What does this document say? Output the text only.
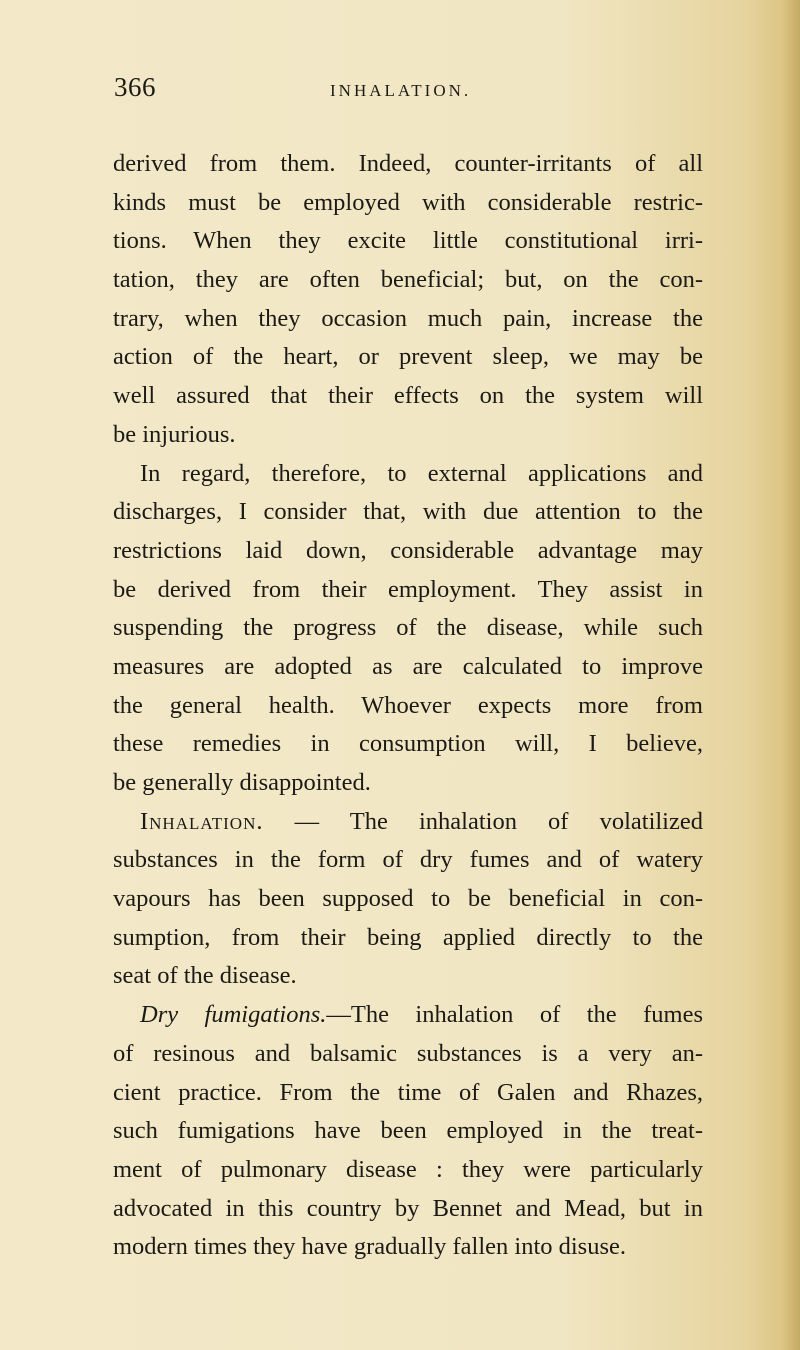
366	INHALATION.
derived from them. Indeed, counter-irritants of all
kinds must be employed with considerable restric-
tions. When they excite little constitutional irri-
tation, they are often beneficial; but, on the con-
trary, when they occasion much pain, increase the
action of the heart, or prevent sleep, we may be
well assured that their effects on the system will
be injurious.
In regard, therefore, to external applications and
discharges, I consider that, with due attention to the
restrictions laid down, considerable advantage may
be derived from their employment. They assist in
suspending the progress of the disease, while such
measures are adopted as are calculated to improve
the general health. Whoever expects more from
these remedies in consumption will, I believe,
be generally disappointed.
Inhalation. — The inhalation of volatilized
substances in the form of dry fumes and of watery
vapours has been supposed to be beneficial in con-
sumption, from their being applied directly to the
seat of the disease.
Dry fumigations.—The inhalation of the fumes
of resinous and balsamic substances is a very an-
cient practice. From the time of Galen and Rhazes,
such fumigations have been employed in the treat-
ment of pulmonary disease : they were particularly
advocated in this country by Bennet and Mead, but in
modern times they have gradually fallen into disuse.
